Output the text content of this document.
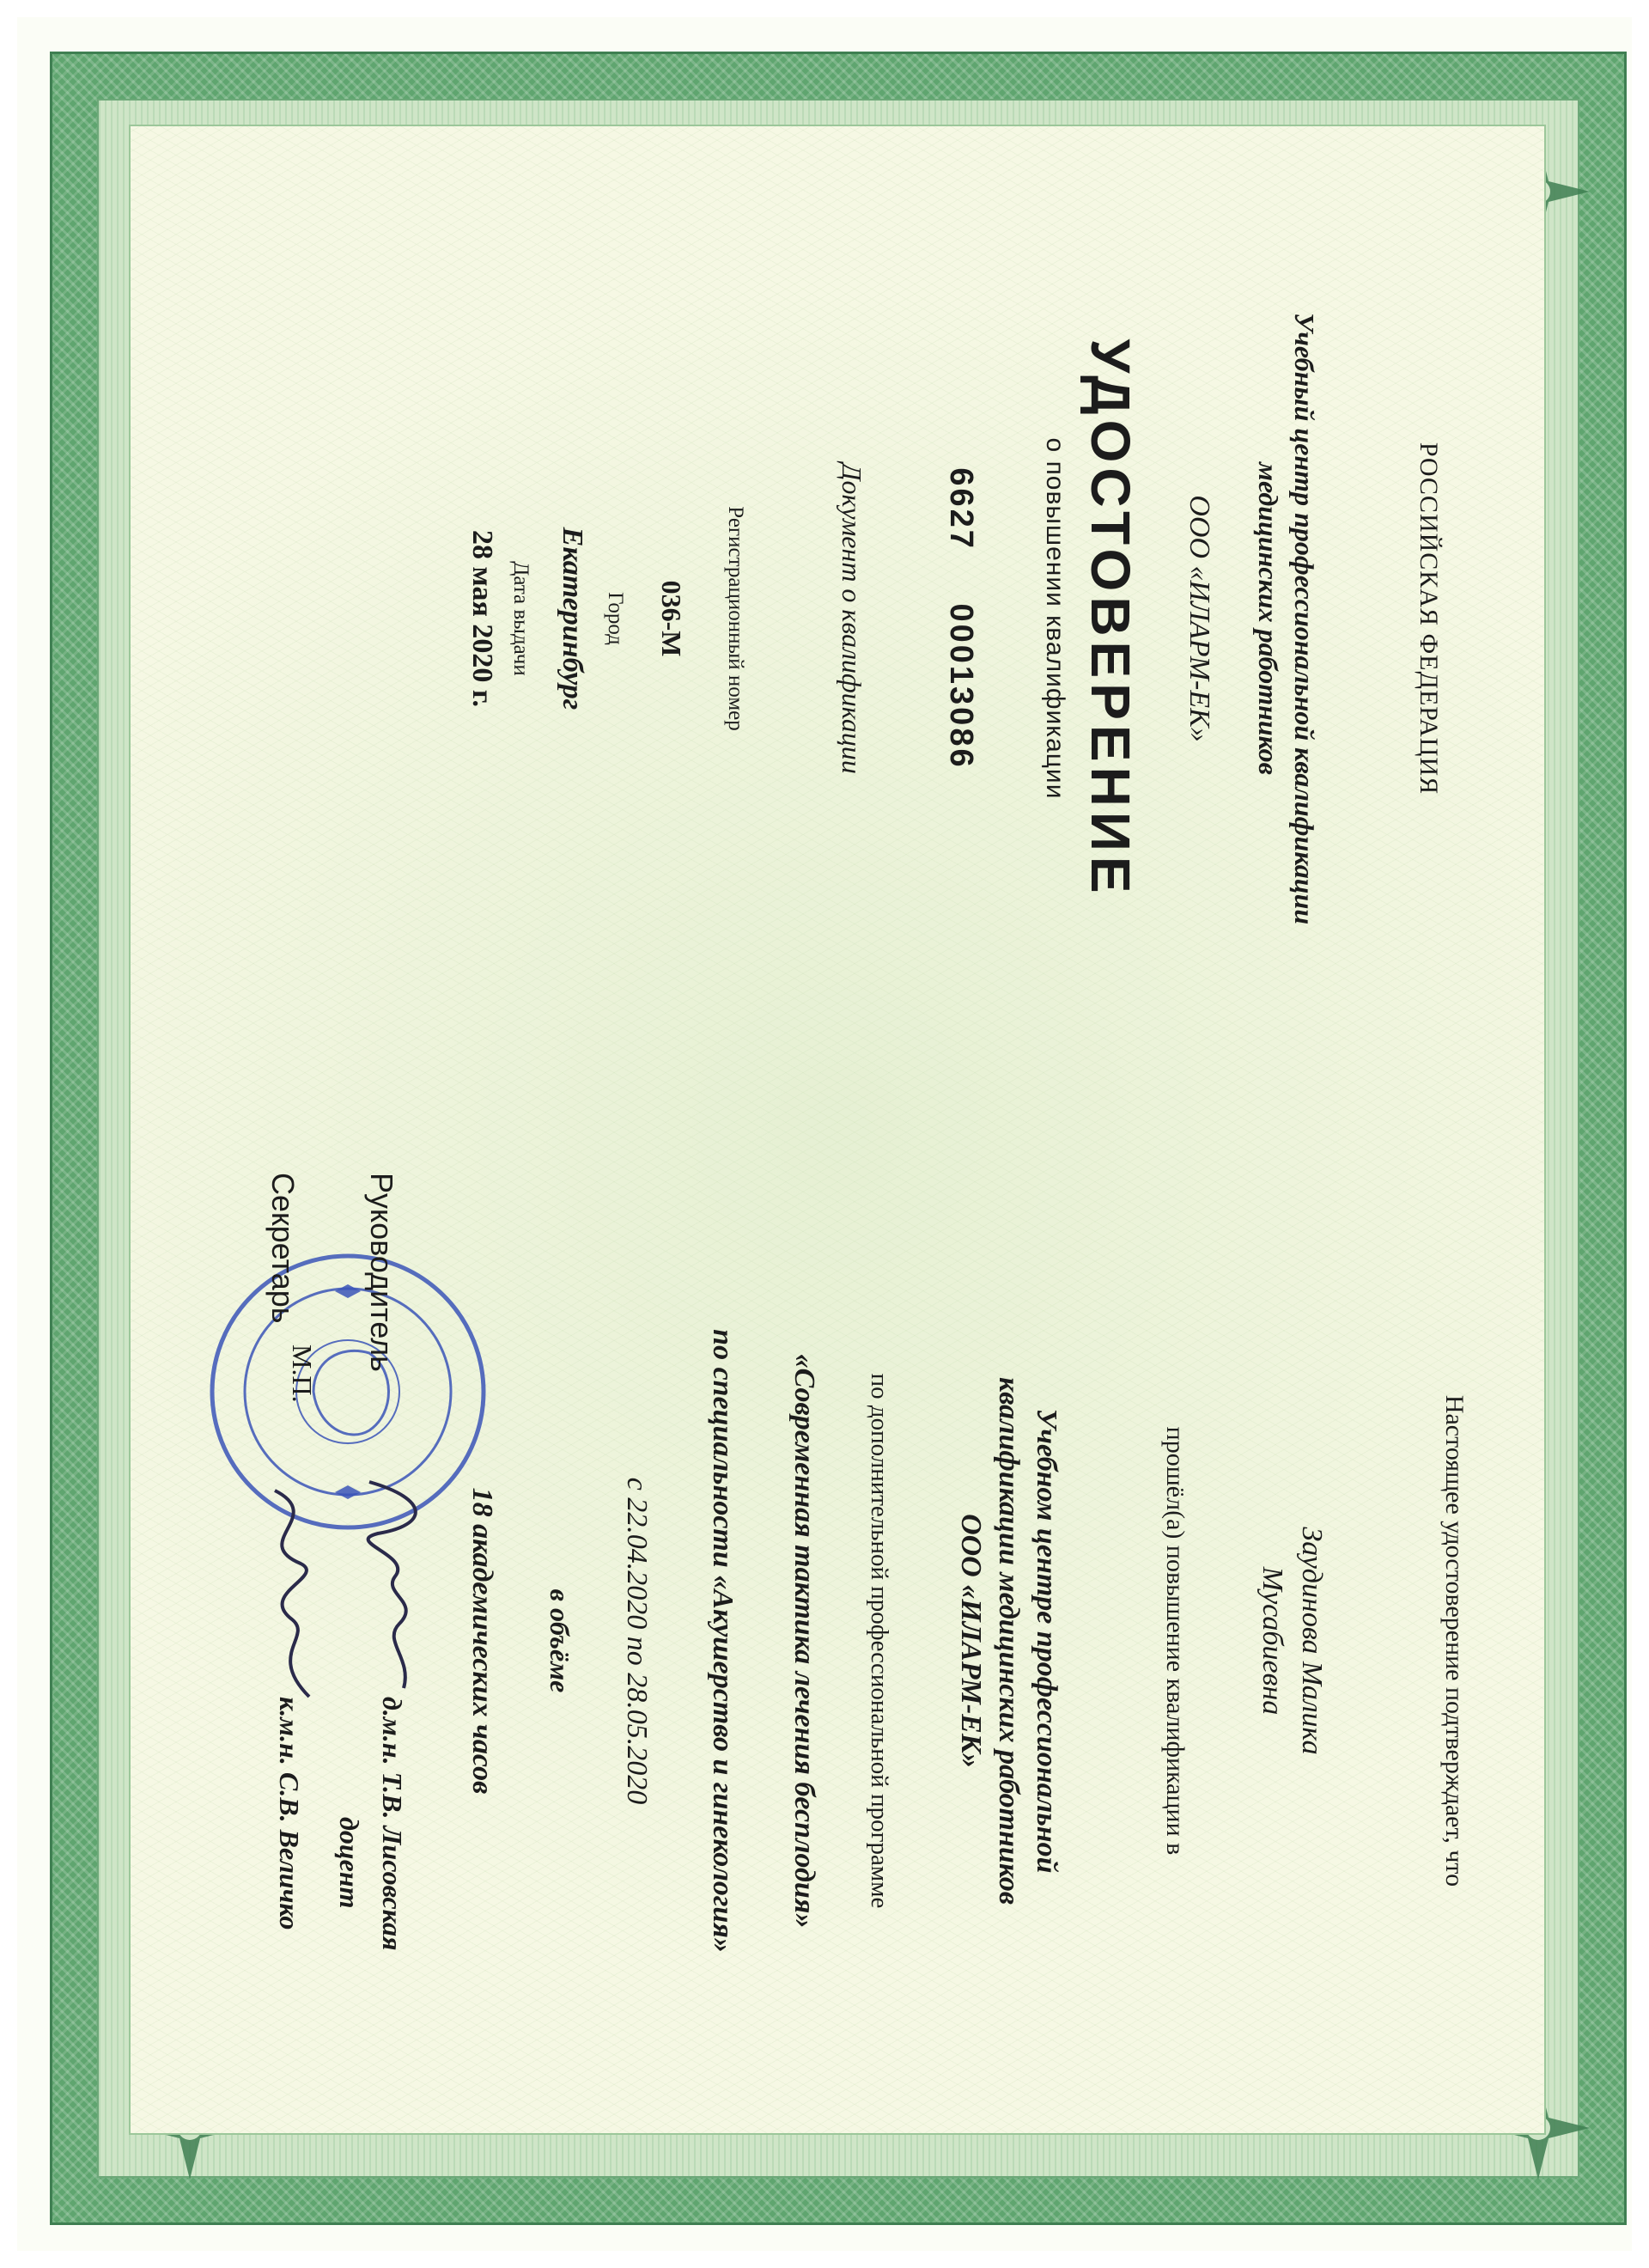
РОССИЙСКАЯ ФЕДЕРАЦИЯ
Учебный центр профессиональной квалификации
медицинских работников
ООО «ИЛАРМ-ЕК»
УДОСТОВЕРЕНИЕ
о повышении квалификации
6627 00013086
Документ о квалификации
Регистрационный номер
036-М
Город
Екатеринбург
Дата выдачи
28 мая 2020 г.
Настоящее удостоверение подтверждает, что
Заудинова Малика
Мусабиевна
прошёл(а) повышение квалификации в
Учебном центре профессиональной
квалификации медицинских работников
ООО «ИЛАРМ-ЕК»
по дополнительной профессиональной программе
«Современная тактика лечения бесплодия»
по специальности «Акушерство и гинекология»
с 22.04.2020 по 28.05.2020
в объёме
18 академических часов
Руководитель
д.м.н. Т.В. Лисовская
доцент
М.П.
Секретарь
к.м.н. С.В. Величко
